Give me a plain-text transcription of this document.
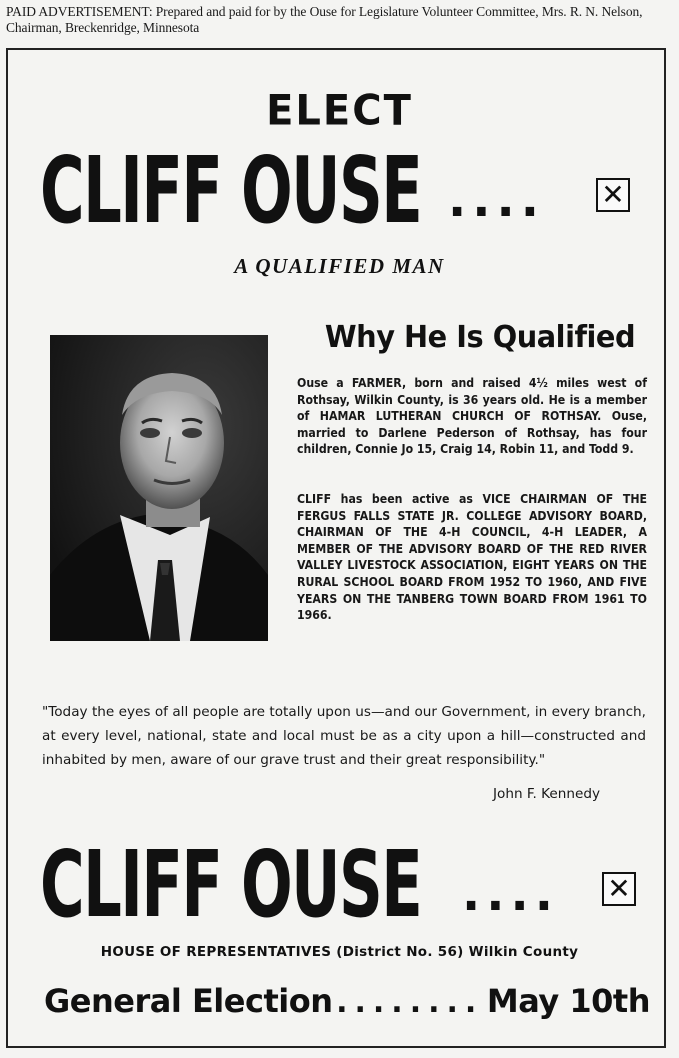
PAID ADVERTISEMENT: Prepared and paid for by the Ouse for Legislature Volunteer Committee, Mrs. R. N. Nelson, Chairman, Breckenridge, Minnesota
ELECT
CLIFF OUSE .... ✕
A QUALIFIED MAN
Why He Is Qualified
Ouse a FARMER, born and raised 4½ miles west of Rothsay, Wilkin County, is 36 years old. He is a member of HAMAR LUTHERAN CHURCH OF ROTHSAY. Ouse, married to Darlene Pederson of Rothsay, has four children, Connie Jo 15, Craig 14, Robin 11, and Todd 9.
CLIFF has been active as VICE CHAIRMAN OF THE FERGUS FALLS STATE JR. COLLEGE ADVISORY BOARD, CHAIRMAN OF THE 4-H COUNCIL, 4-H LEADER, A MEMBER OF THE ADVISORY BOARD OF THE RED RIVER VALLEY LIVESTOCK ASSOCIATION, EIGHT YEARS ON THE RURAL SCHOOL BOARD FROM 1952 TO 1960, AND FIVE YEARS ON THE TANBERG TOWN BOARD FROM 1961 TO 1966.
"Today the eyes of all people are totally upon us—and our Government, in every branch, at every level, national, state and local must be as a city upon a hill—constructed and inhabited by men, aware of our grave trust and their great responsibility."
John F. Kennedy
CLIFF OUSE .... ✕
HOUSE OF REPRESENTATIVES (District No. 56) Wilkin County
General Election ........ May 10th
